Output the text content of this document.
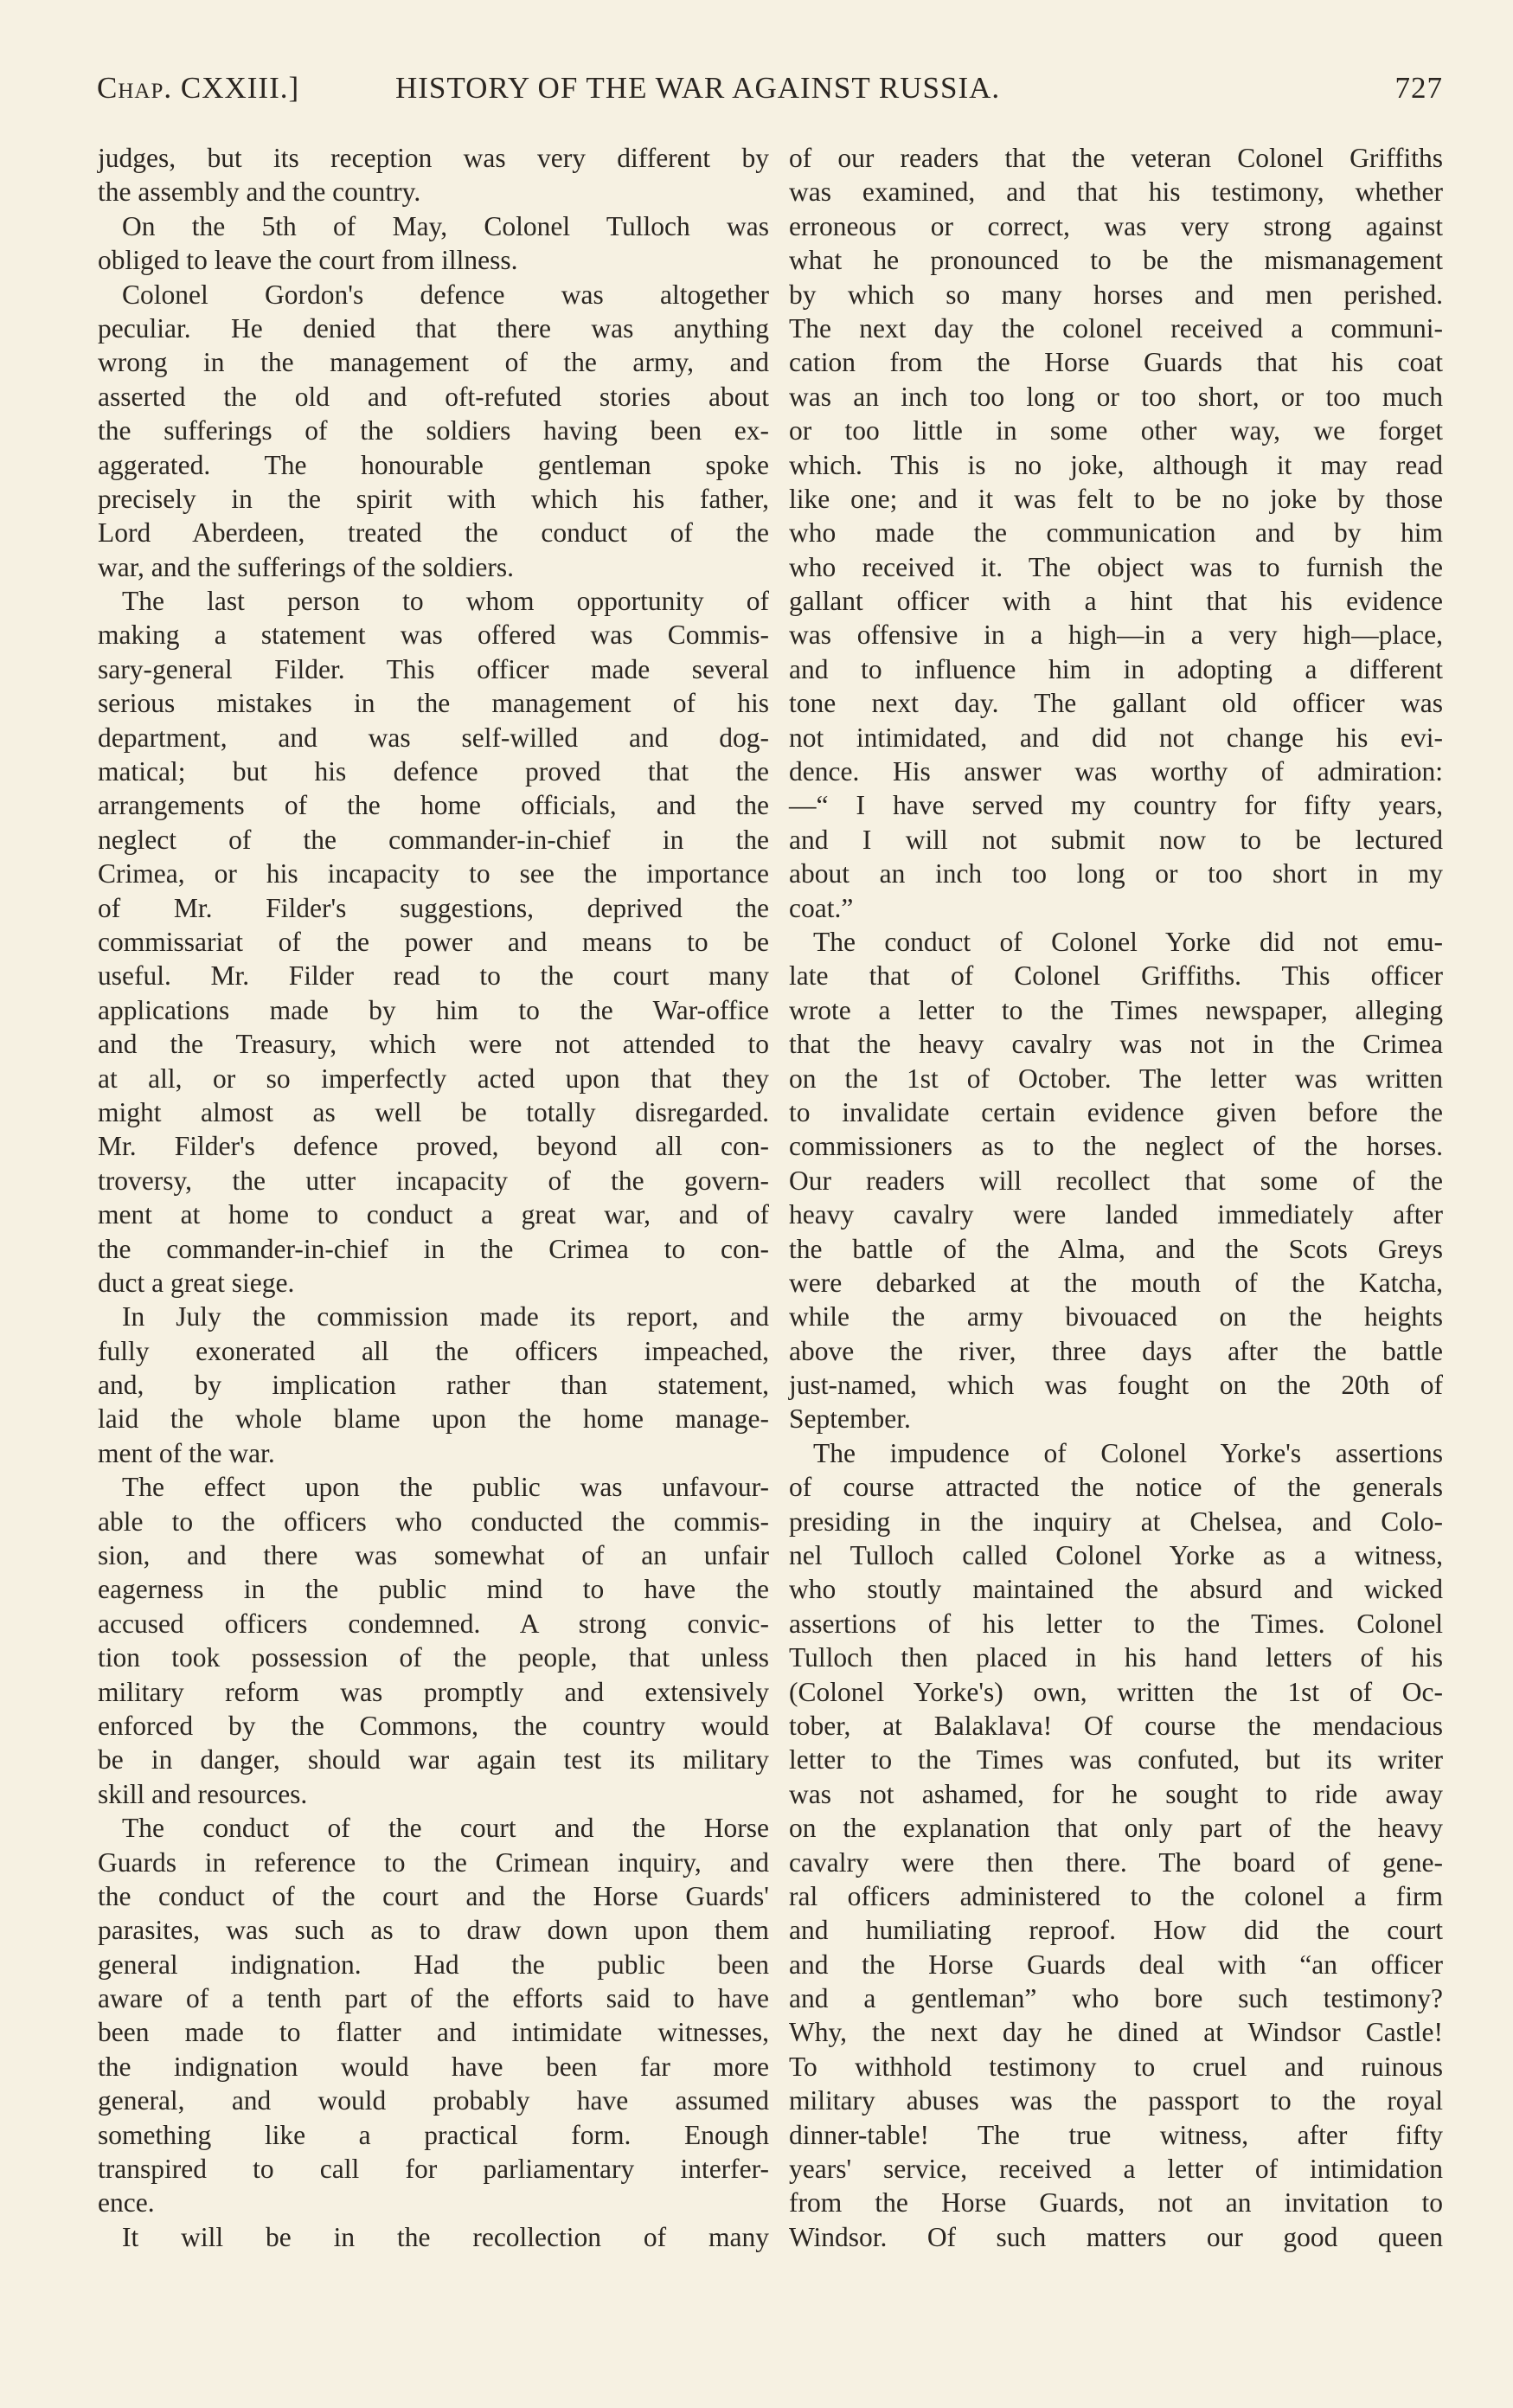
Chap. CXXIII.]	HISTORY OF THE WAR AGAINST RUSSIA.	727
judges, but its reception was very different by
the assembly and the country.
On the 5th of May, Colonel Tulloch was
obliged to leave the court from illness.
Colonel Gordon's defence was altogether
peculiar. He denied that there was anything
wrong in the management of the army, and
asserted the old and oft-refuted stories about
the sufferings of the soldiers having been ex-
aggerated. The honourable gentleman spoke
precisely in the spirit with which his father,
Lord Aberdeen, treated the conduct of the
war, and the sufferings of the soldiers.
The last person to whom opportunity of
making a statement was offered was Commis-
sary-general Filder. This officer made several
serious mistakes in the management of his
department, and was self-willed and dog-
matical; but his defence proved that the
arrangements of the home officials, and the
neglect of the commander-in-chief in the
Crimea, or his incapacity to see the importance
of Mr. Filder's suggestions, deprived the
commissariat of the power and means to be
useful. Mr. Filder read to the court many
applications made by him to the War-office
and the Treasury, which were not attended to
at all, or so imperfectly acted upon that they
might almost as well be totally disregarded.
Mr. Filder's defence proved, beyond all con-
troversy, the utter incapacity of the govern-
ment at home to conduct a great war, and of
the commander-in-chief in the Crimea to con-
duct a great siege.
In July the commission made its report, and
fully exonerated all the officers impeached,
and, by implication rather than statement,
laid the whole blame upon the home manage-
ment of the war.
The effect upon the public was unfavour-
able to the officers who conducted the commis-
sion, and there was somewhat of an unfair
eagerness in the public mind to have the
accused officers condemned. A strong convic-
tion took possession of the people, that unless
military reform was promptly and extensively
enforced by the Commons, the country would
be in danger, should war again test its military
skill and resources.
The conduct of the court and the Horse
Guards in reference to the Crimean inquiry, and
the conduct of the court and the Horse Guards'
parasites, was such as to draw down upon them
general indignation. Had the public been
aware of a tenth part of the efforts said to have
been made to flatter and intimidate witnesses,
the indignation would have been far more
general, and would probably have assumed
something like a practical form. Enough
transpired to call for parliamentary interfer-
ence.
It will be in the recollection of many
of our readers that the veteran Colonel Griffiths
was examined, and that his testimony, whether
erroneous or correct, was very strong against
what he pronounced to be the mismanagement
by which so many horses and men perished.
The next day the colonel received a communi-
cation from the Horse Guards that his coat
was an inch too long or too short, or too much
or too little in some other way, we forget
which. This is no joke, although it may read
like one; and it was felt to be no joke by those
who made the communication and by him
who received it. The object was to furnish the
gallant officer with a hint that his evidence
was offensive in a high—in a very high—place,
and to influence him in adopting a different
tone next day. The gallant old officer was
not intimidated, and did not change his evi-
dence. His answer was worthy of admiration:
—“ I have served my country for fifty years,
and I will not submit now to be lectured
about an inch too long or too short in my
coat.”
The conduct of Colonel Yorke did not emu-
late that of Colonel Griffiths. This officer
wrote a letter to the Times newspaper, alleging
that the heavy cavalry was not in the Crimea
on the 1st of October. The letter was written
to invalidate certain evidence given before the
commissioners as to the neglect of the horses.
Our readers will recollect that some of the
heavy cavalry were landed immediately after
the battle of the Alma, and the Scots Greys
were debarked at the mouth of the Katcha,
while the army bivouaced on the heights
above the river, three days after the battle
just-named, which was fought on the 20th of
September.
The impudence of Colonel Yorke's assertions
of course attracted the notice of the generals
presiding in the inquiry at Chelsea, and Colo-
nel Tulloch called Colonel Yorke as a witness,
who stoutly maintained the absurd and wicked
assertions of his letter to the Times. Colonel
Tulloch then placed in his hand letters of his
(Colonel Yorke's) own, written the 1st of Oc-
tober, at Balaklava! Of course the mendacious
letter to the Times was confuted, but its writer
was not ashamed, for he sought to ride away
on the explanation that only part of the heavy
cavalry were then there. The board of gene-
ral officers administered to the colonel a firm
and humiliating reproof. How did the court
and the Horse Guards deal with “an officer
and a gentleman” who bore such testimony?
Why, the next day he dined at Windsor Castle!
To withhold testimony to cruel and ruinous
military abuses was the passport to the royal
dinner-table! The true witness, after fifty
years' service, received a letter of intimidation
from the Horse Guards, not an invitation to
Windsor. Of such matters our good queen
